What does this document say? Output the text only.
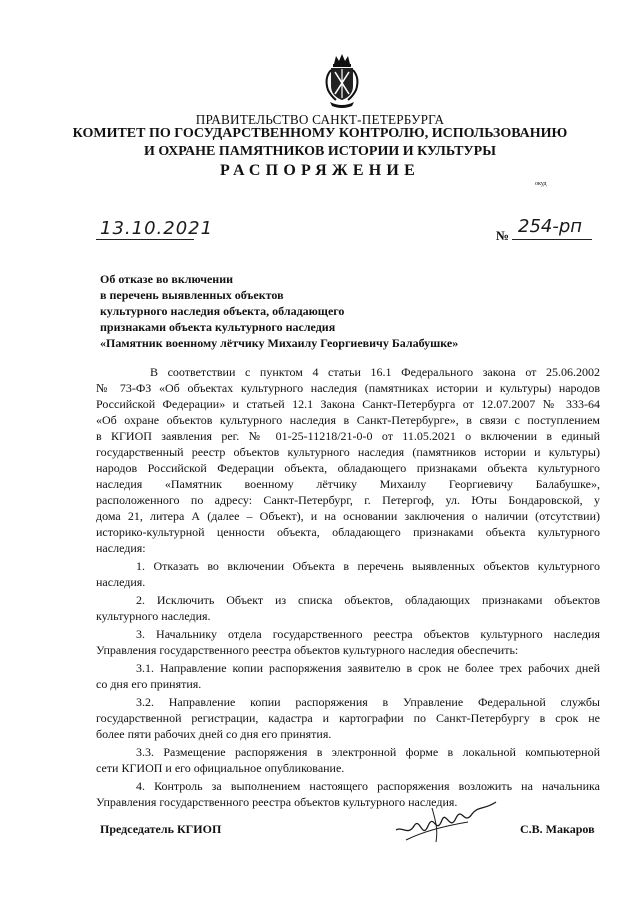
ПРАВИТЕЛЬСТВО САНКТ-ПЕТЕРБУРГА
КОМИТЕТ ПО ГОСУДАРСТВЕННОМУ КОНТРОЛЮ, ИСПОЛЬЗОВАНИЮ
И ОХРАНЕ ПАМЯТНИКОВ ИСТОРИИ И КУЛЬТУРЫ
РАСПОРЯЖЕНИЕ
окуд
13.10.2021	№ 254-рп
Об отказе во включении
в перечень выявленных объектов
культурного наследия объекта, обладающего
признаками объекта культурного наследия
«Памятник военному лётчику Михаилу Георгиевичу Балабушке»
В соответствии с пунктом 4 статьи 16.1 Федерального закона от 25.06.2002
№ 73-ФЗ «Об объектах культурного наследия (памятниках истории и культуры) народов
Российской Федерации» и статьей 12.1 Закона Санкт-Петербурга от 12.07.2007 № 333-64
«Об охране объектов культурного наследия в Санкт-Петербурге», в связи с поступлением
в КГИОП заявления рег. № 01-25-11218/21-0-0 от 11.05.2021 о включении в единый
государственный реестр объектов культурного наследия (памятников истории и культуры)
народов Российской Федерации объекта, обладающего признаками объекта культурного
наследия «Памятник военному лётчику Михаилу Георгиевичу Балабушке»,
расположенного по адресу: Санкт-Петербург, г. Петергоф, ул. Юты Бондаровской, у
дома 21, литера А (далее – Объект), и на основании заключения о наличии (отсутствии)
историко-культурной ценности объекта, обладающего признаками объекта культурного
наследия:
1. Отказать во включении Объекта в перечень выявленных объектов культурного
наследия.
2. Исключить Объект из списка объектов, обладающих признаками объектов
культурного наследия.
3. Начальнику отдела государственного реестра объектов культурного наследия
Управления государственного реестра объектов культурного наследия обеспечить:
3.1. Направление копии распоряжения заявителю в срок не более трех рабочих дней
со дня его принятия.
3.2. Направление копии распоряжения в Управление Федеральной службы
государственной регистрации, кадастра и картографии по Санкт-Петербургу в срок не
более пяти рабочих дней со дня его принятия.
3.3. Размещение распоряжения в электронной форме в локальной компьютерной
сети КГИОП и его официальное опубликование.
4. Контроль за выполнением настоящего распоряжения возложить на начальника
Управления государственного реестра объектов культурного наследия.
Председатель КГИОП	С.В. Макаров
